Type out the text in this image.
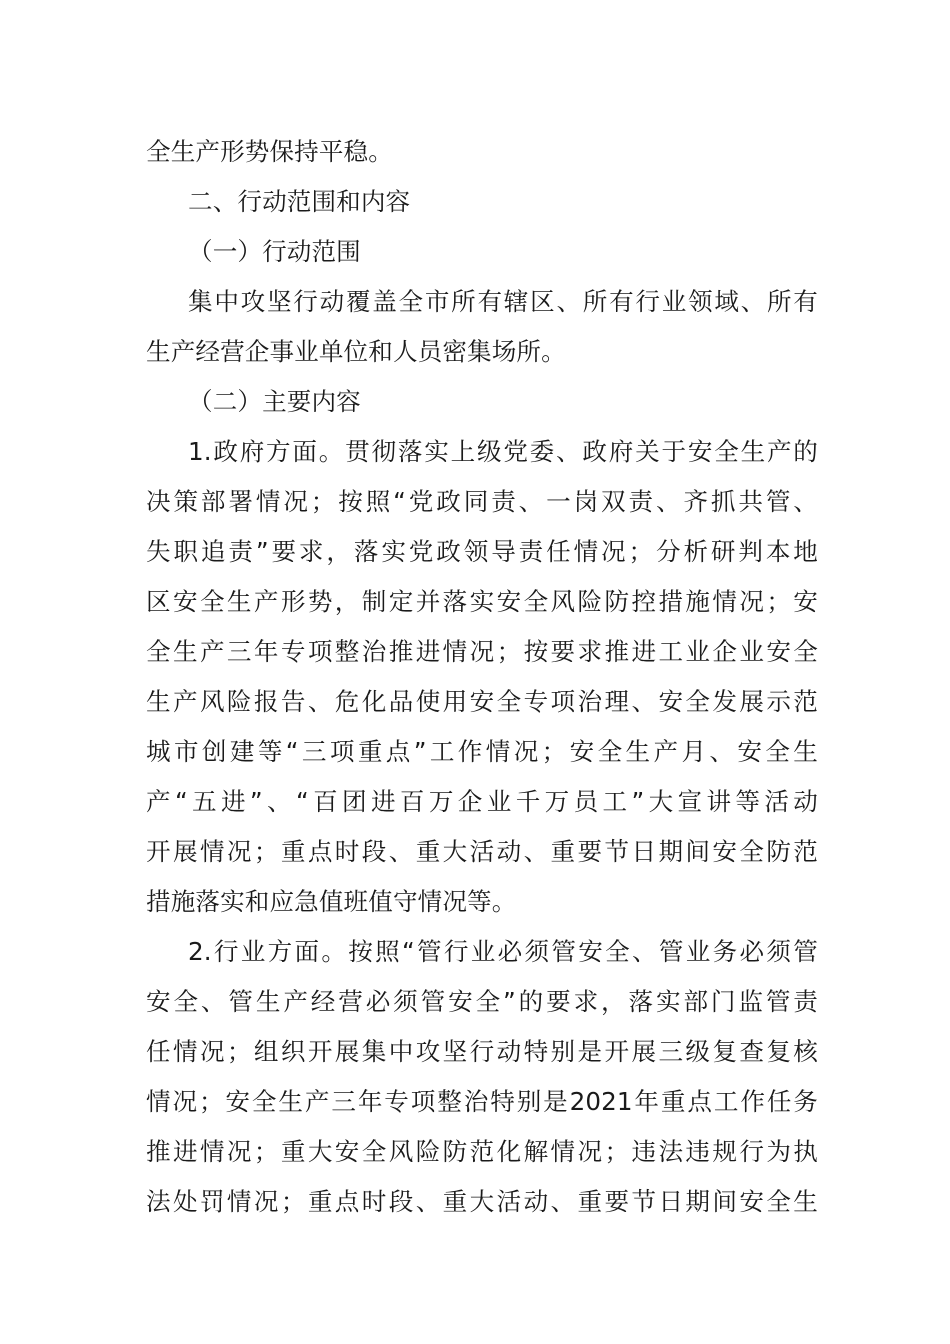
全生产形势保持平稳。
二、行动范围和内容
（一）行动范围
集中攻坚行动覆盖全市所有辖区、所有行业领域、所有
生产经营企事业单位和人员密集场所。
（二）主要内容
1.政府方面。贯彻落实上级党委、政府关于安全生产的
决策部署情况；按照“党政同责、一岗双责、齐抓共管、
失职追责”要求，落实党政领导责任情况；分析研判本地
区安全生产形势，制定并落实安全风险防控措施情况；安
全生产三年专项整治推进情况；按要求推进工业企业安全
生产风险报告、危化品使用安全专项治理、安全发展示范
城市创建等“三项重点”工作情况；安全生产月、安全生
产“五进”、“百团进百万企业千万员工”大宣讲等活动
开展情况；重点时段、重大活动、重要节日期间安全防范
措施落实和应急值班值守情况等。
2.行业方面。按照“管行业必须管安全、管业务必须管
安全、管生产经营必须管安全”的要求，落实部门监管责
任情况；组织开展集中攻坚行动特别是开展三级复查复核
情况；安全生产三年专项整治特别是2021年重点工作任务
推进情况；重大安全风险防范化解情况；违法违规行为执
法处罚情况；重点时段、重大活动、重要节日期间安全生
